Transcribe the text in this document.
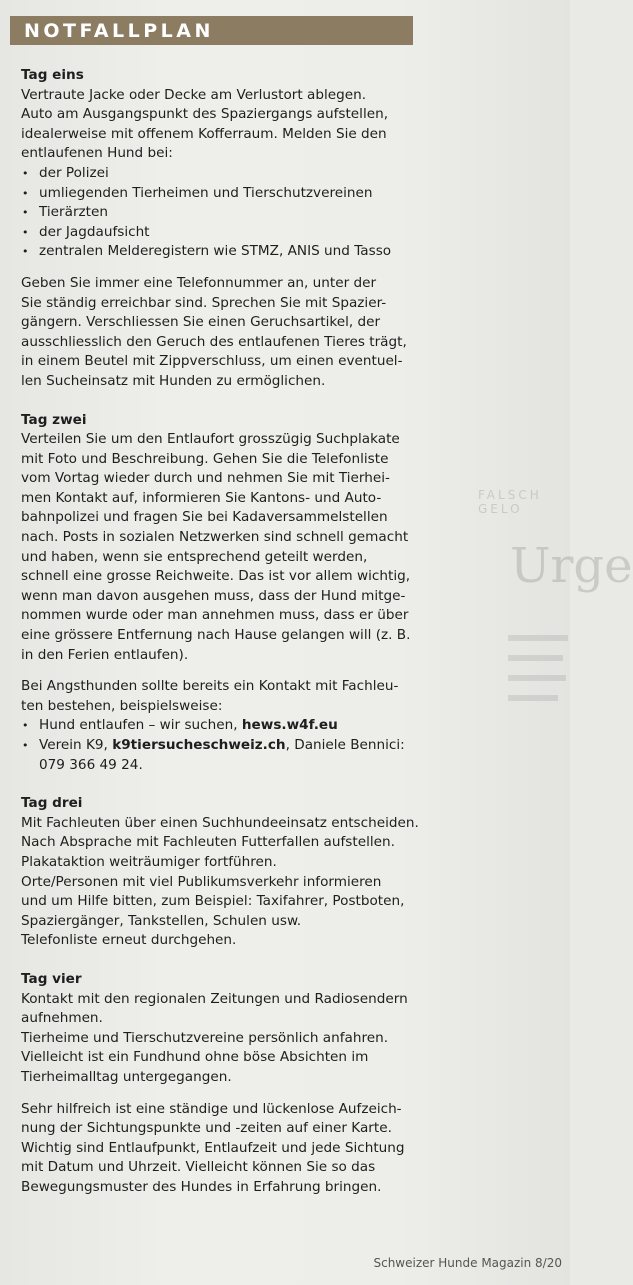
FALSCH GELO
Urge
NOTFALLPLAN
Tag eins
Vertraute Jacke oder Decke am Verlustort ablegen.
Auto am Ausgangspunkt des Spaziergangs aufstellen,
idealerweise mit offenem Kofferraum. Melden Sie den
entlaufenen Hund bei:
• der Polizei
• umliegenden Tierheimen und Tierschutzvereinen
• Tierärzten
• der Jagdaufsicht
• zentralen Melderegistern wie STMZ, ANIS und Tasso
Geben Sie immer eine Telefonnummer an, unter der
Sie ständig erreichbar sind. Sprechen Sie mit Spazier-
gängern. Verschliessen Sie einen Geruchsartikel, der
ausschliesslich den Geruch des entlaufenen Tieres trägt,
in einem Beutel mit Zippverschluss, um einen eventuel-
len Sucheinsatz mit Hunden zu ermöglichen.
Tag zwei
Verteilen Sie um den Entlaufort grosszügig Suchplakate
mit Foto und Beschreibung. Gehen Sie die Telefonliste
vom Vortag wieder durch und nehmen Sie mit Tierhei-
men Kontakt auf, informieren Sie Kantons- und Auto-
bahnpolizei und fragen Sie bei Kadaversammelstellen
nach. Posts in sozialen Netzwerken sind schnell gemacht
und haben, wenn sie entsprechend geteilt werden,
schnell eine grosse Reichweite. Das ist vor allem wichtig,
wenn man davon ausgehen muss, dass der Hund mitge-
nommen wurde oder man annehmen muss, dass er über
eine grössere Entfernung nach Hause gelangen will (z. B.
in den Ferien entlaufen).
Bei Angsthunden sollte bereits ein Kontakt mit Fachleu-
ten bestehen, beispielsweise:
• Hund entlaufen – wir suchen, hews.w4f.eu
• Verein K9, k9tiersucheschweiz.ch, Daniele Bennici:
079 366 49 24.
Tag drei
Mit Fachleuten über einen Suchhundeeinsatz entscheiden.
Nach Absprache mit Fachleuten Futterfallen aufstellen.
Plakataktion weiträumiger fortführen.
Orte/Personen mit viel Publikumsverkehr informieren
und um Hilfe bitten, zum Beispiel: Taxifahrer, Postboten,
Spaziergänger, Tankstellen, Schulen usw.
Telefonliste erneut durchgehen.
Tag vier
Kontakt mit den regionalen Zeitungen und Radiosendern
aufnehmen.
Tierheime und Tierschutzvereine persönlich anfahren.
Vielleicht ist ein Fundhund ohne böse Absichten im
Tierheimalltag untergegangen.
Sehr hilfreich ist eine ständige und lückenlose Aufzeich-
nung der Sichtungspunkte und -zeiten auf einer Karte.
Wichtig sind Entlaufpunkt, Entlaufzeit und jede Sichtung
mit Datum und Uhrzeit. Vielleicht können Sie so das
Bewegungsmuster des Hundes in Erfahrung bringen.
Schweizer Hunde Magazin 8/20
